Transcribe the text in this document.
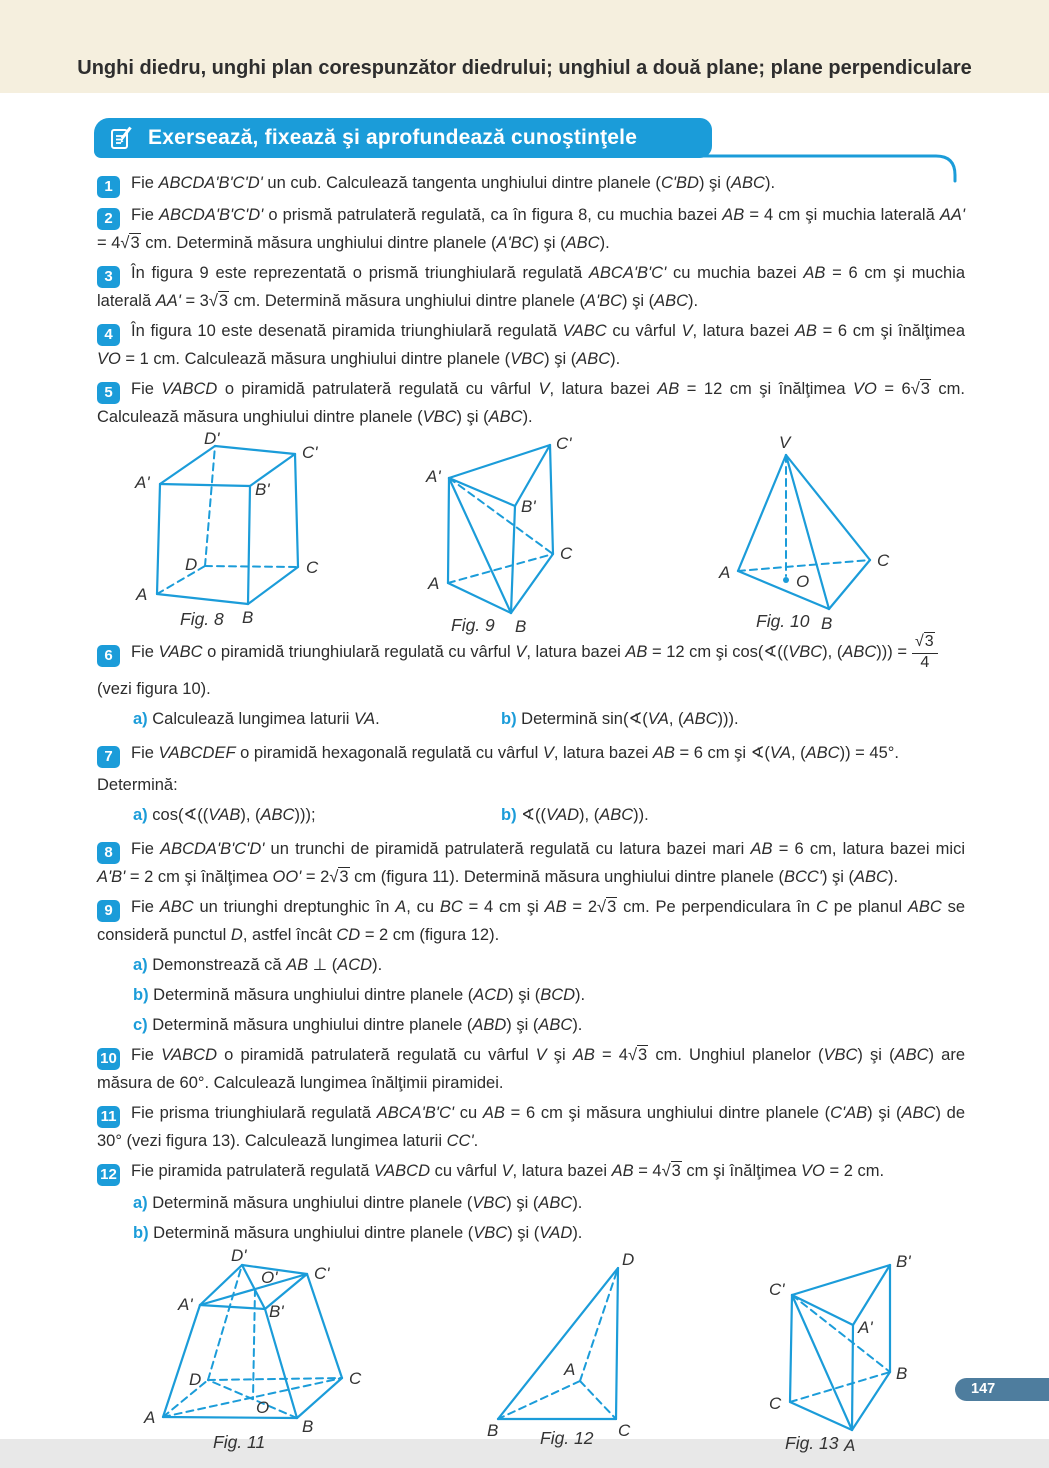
Unghi diedru, unghi plan corespunzător diedrului; unghiul a două plane; plane perpendiculare
Exersează, fixează şi aprofundează cunoştinţele

1 Fie ABCDA'B'C'D' un cub. Calculează tangenta unghiului dintre planele (C'BD) şi (ABC).

2 Fie ABCDA'B'C'D' o prismă patrulateră regulată, ca în figura 8, cu muchia bazei AB = 4 cm şi muchia laterală AA' = 4√3 cm. Determină măsura unghiului dintre planele (A'BC) şi (ABC).

3 În figura 9 este reprezentată o prismă triunghiulară regulată ABCA'B'C' cu muchia bazei AB = 6 cm şi muchia laterală AA' = 3√3 cm. Determină măsura unghiului dintre planele (A'BC) şi (ABC).

4 În figura 10 este desenată piramida triunghiulară regulată VABC cu vârful V, latura bazei AB = 6 cm şi înălţimea VO = 1 cm. Calculează măsura unghiului dintre planele (VBC) şi (ABC).

5 Fie VABCD o piramidă patrulateră regulată cu vârful V, latura bazei AB = 12 cm şi înălţimea VO = 6√3 cm. Calculează măsura unghiului dintre planele (VBC) şi (ABC).

Fig. 8
D'
C'
A'	B'
D	C
A
B	Fig. 9
A'
C'
B'
A
B
C
Fig. 10
V
A
B
C
O

6 Fie VABC o piramidă triunghiulară regulată cu vârful V, latura bazei AB = 12 cm şi cos(∢((VBC), $(ABC))) = \frac{√3}{4}$

(vezi figura 10).

a) Calculează lungimea laturii VA.	b) Determină sin(∢(VA, (ABC))).

7 Fie VABCDEF o piramidă hexagonală regulată cu vârful V, latura bazei AB = 6 cm şi ∢(VA, (ABC)) = 45°.

Determină:

a) cos(∢((VAB), (ABC)));	b) ∢((VAD), (ABC)).

8 Fie ABCDA'B'C'D' un trunchi de piramidă patrulateră regulată cu latura bazei mari AB = 6 cm, latura bazei mici A'B' = 2 cm şi înălţimea OO' = 2√3 cm (figura 11). Determină măsura unghiului dintre planele (BCC') şi (ABC).

9 Fie ABC un triunghi dreptunghic în A, cu BC = 4 cm şi AB = 2√3 cm. Pe perpendiculara în C pe planul ABC se consideră punctul D, astfel încât CD = 2 cm (figura 12).

a) Demonstrează că AB ⊥ (ACD).
b) Determină măsura unghiului dintre planele (ACD) şi (BCD).
c) Determină măsura unghiului dintre planele (ABD) şi (ABC).

10 Fie VABCD o piramidă patrulateră regulată cu vârful V şi AB = 4√3 cm. Unghiul planelor (VBC) şi (ABC) are măsura de 60°. Calculează lungimea înălţimii piramidei.

11 Fie prisma triunghiulară regulată ABCA'B'C' cu AB = 6 cm şi măsura unghiului dintre planele (C'AB) şi (ABC) de 30° (vezi figura 13). Calculează lungimea laturii CC'.

12 Fie piramida patrulateră regulată VABCD cu vârful V, latura bazei AB = 4√3 cm şi înălţimea VO = 2 cm.

a) Determină măsura unghiului dintre planele (VBC) şi (ABC).
b) Determină măsura unghiului dintre planele (VBC) şi (VAD).
Fig. 11
D'
O' C'
A'	B'
D	C
A	B
O
Fig. 12
D
B	C
A
Fig. 13
B'
C'
A'
B
C
A
147
